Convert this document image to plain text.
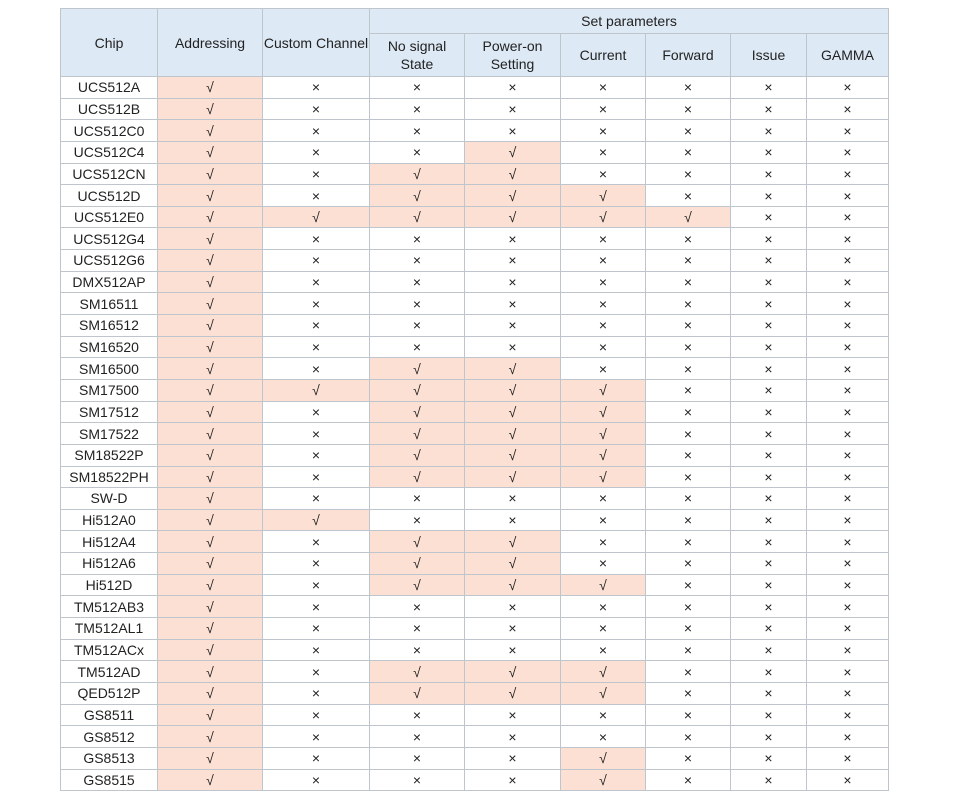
Chip	Addressing	Custom Channel	Set parameters					
			No signal State	Power-on Setting	Current	Forward	Issue	GAMMA
UCS512A	√	×	×	×	×	×	×	×
UCS512B	√	×	×	×	×	×	×	×
UCS512C0	√	×	×	×	×	×	×	×
UCS512C4	√	×	×	√	×	×	×	×
UCS512CN	√	×	√	√	×	×	×	×
UCS512D	√	×	√	√	√	×	×	×
UCS512E0	√	√	√	√	√	√	×	×
UCS512G4	√	×	×	×	×	×	×	×
UCS512G6	√	×	×	×	×	×	×	×
DMX512AP	√	×	×	×	×	×	×	×
SM16511	√	×	×	×	×	×	×	×
SM16512	√	×	×	×	×	×	×	×
SM16520	√	×	×	×	×	×	×	×
SM16500	√	×	√	√	×	×	×	×
SM17500	√	√	√	√	√	×	×	×
SM17512	√	×	√	√	√	×	×	×
SM17522	√	×	√	√	√	×	×	×
SM18522P	√	×	√	√	√	×	×	×
SM18522PH	√	×	√	√	√	×	×	×
SW-D	√	×	×	×	×	×	×	×
Hi512A0	√	√	×	×	×	×	×	×
Hi512A4	√	×	√	√	×	×	×	×
Hi512A6	√	×	√	√	×	×	×	×
Hi512D	√	×	√	√	√	×	×	×
TM512AB3	√	×	×	×	×	×	×	×
TM512AL1	√	×	×	×	×	×	×	×
TM512ACx	√	×	×	×	×	×	×	×
TM512AD	√	×	√	√	√	×	×	×
QED512P	√	×	√	√	√	×	×	×
GS8511	√	×	×	×	×	×	×	×
GS8512	√	×	×	×	×	×	×	×
GS8513	√	×	×	×	√	×	×	×
GS8515	√	×	×	×	√	×	×	×
